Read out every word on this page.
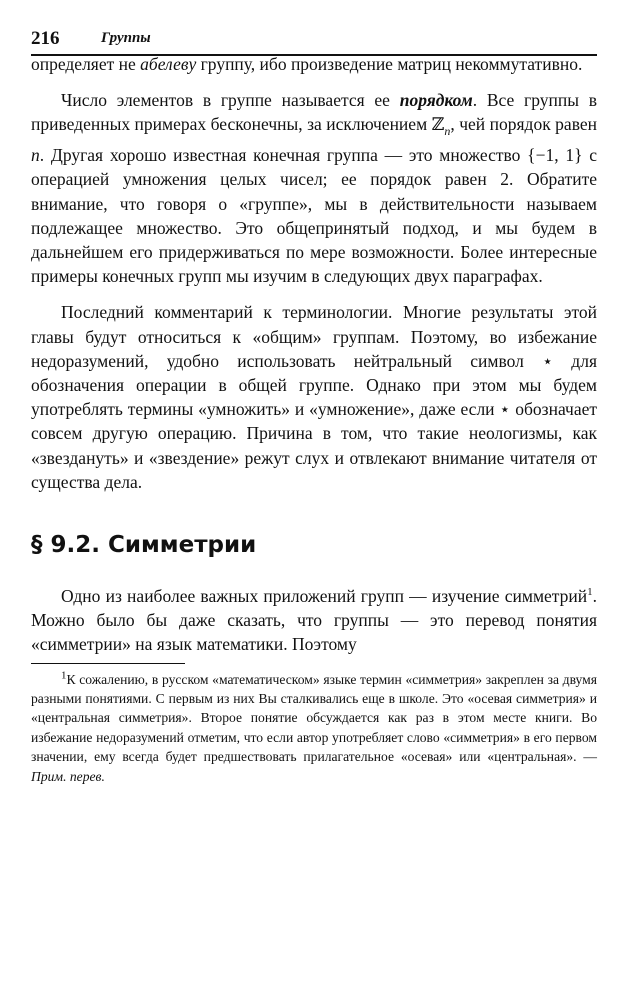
216	Группы

определяет не абелеву группу, ибо произведение матриц некоммутативно.

Число элементов в группе называется ее порядком. Все группы в приведенных примерах бесконечны, за исключением ℤ$_n$, чей порядок равен n. Другая хорошо известная конечная группа — это множество {−1, 1} с операцией умножения целых чисел; ее порядок равен 2. Обратите внимание, что говоря о «группе», мы в действительности называем подлежащее множество. Это общепринятый подход, и мы будем в дальнейшем его придерживаться по мере возможности. Более интересные примеры конечных групп мы изучим в следующих двух параграфах.

Последний комментарий к терминологии. Многие результаты этой главы будут относиться к «общим» группам. Поэтому, во избежание недоразумений, удобно использовать нейтральный символ ⋆ для обозначения операции в общей группе. Однако при этом мы будем употреблять термины «умножить» и «умножение», даже если ⋆ обозначает совсем другую операцию. Причина в том, что такие неологизмы, как «звездануть» и «звездение» режут слух и отвлекают внимание читателя от существа дела.

§ 9.2. Симметрии

Одно из наиболее важных приложений групп — изучение симметрий$^1$. Можно было бы даже сказать, что группы — это перевод понятия «симметрии» на язык математики. Поэтому

$^1$К сожалению, в русском «математическом» языке термин «симметрия» закреплен за двумя разными понятиями. С первым из них Вы сталкивались еще в школе. Это «осевая симметрия» и «центральная симметрия». Второе понятие обсуждается как раз в этом месте книги. Во избежание недоразумений отметим, что если автор употребляет слово «симметрия» в его первом значении, ему всегда будет предшествовать прилагательное «осевая» или «центральная». — Прим. перев.
